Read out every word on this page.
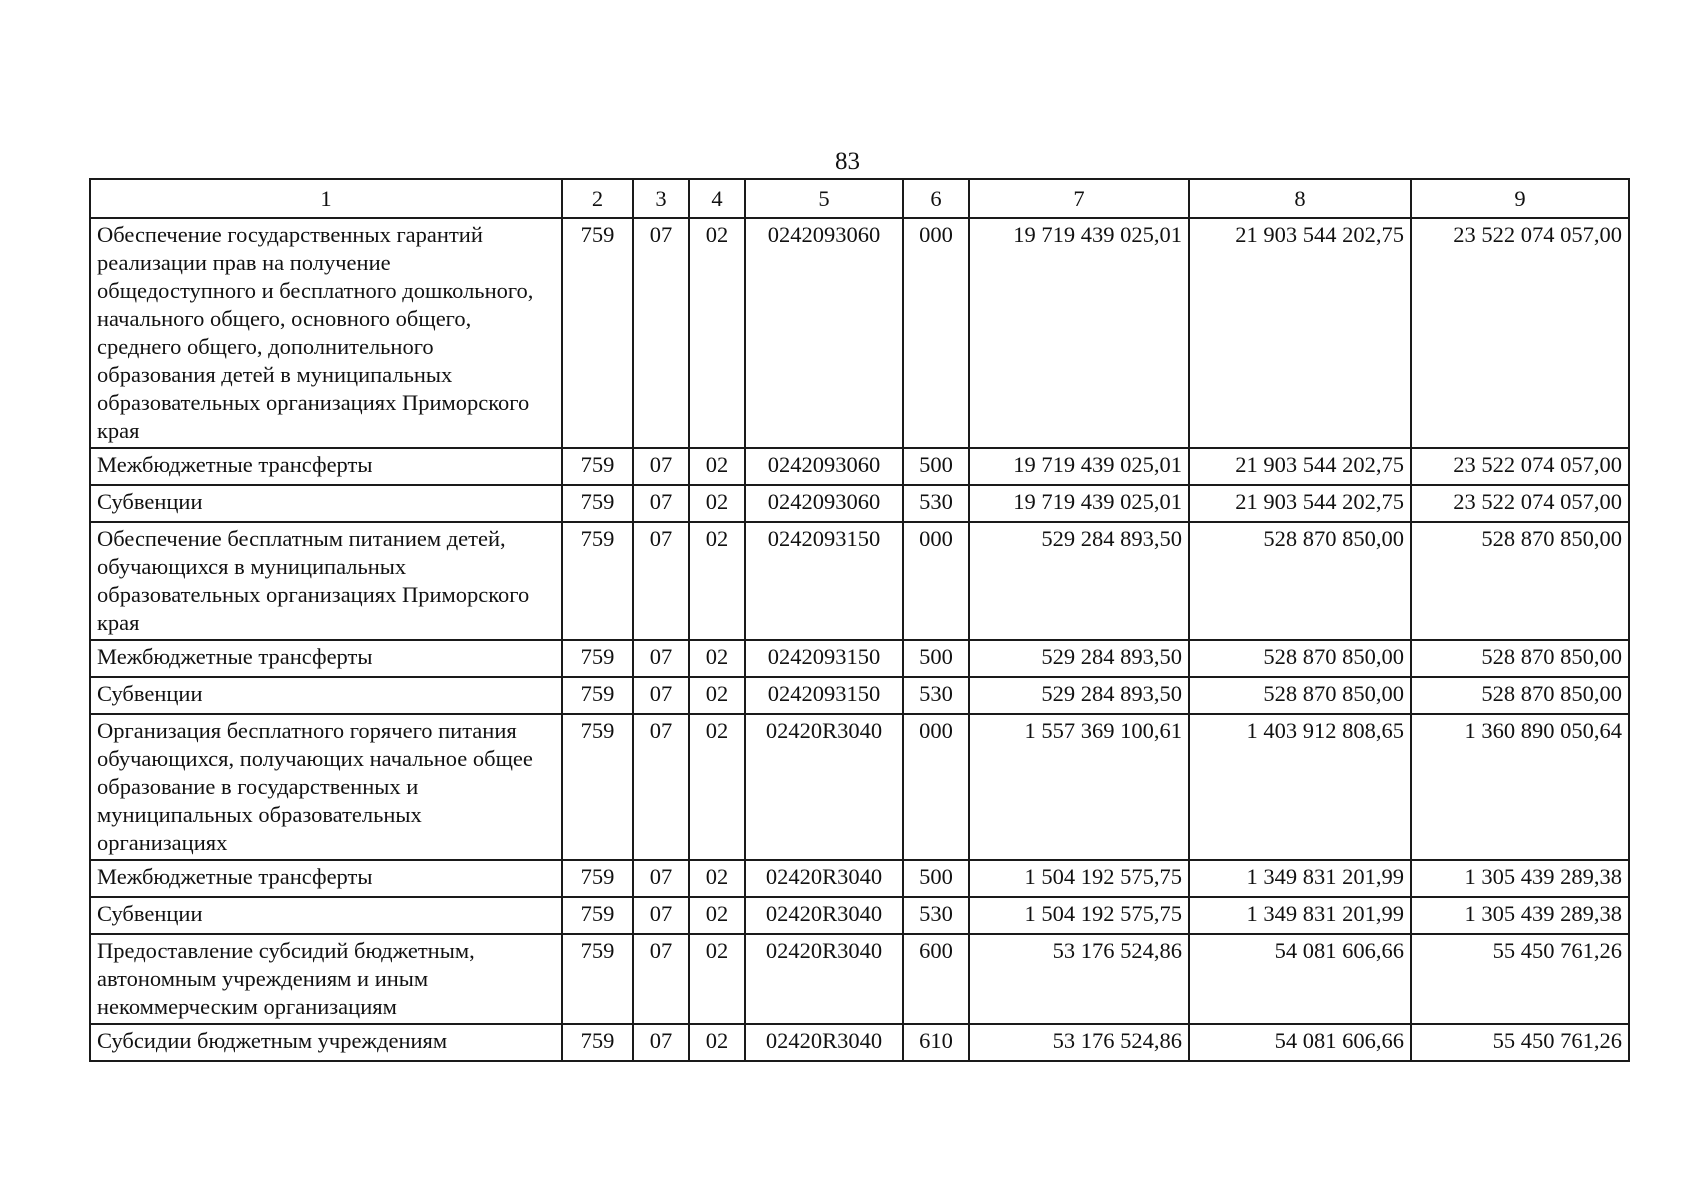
83
1	2	3	4	5	6	7	8	9
Обеспечение государственных гарантий реализации прав на получение общедоступного и бесплатного дошкольного, начального общего, основного общего, среднего общего, дополнительного образования детей в муниципальных образовательных организациях Приморского края	759	07	02	0242093060	000	19 719 439 025,01	21 903 544 202,75	23 522 074 057,00
Межбюджетные трансферты	759	07	02	0242093060	500	19 719 439 025,01	21 903 544 202,75	23 522 074 057,00
Субвенции	759	07	02	0242093060	530	19 719 439 025,01	21 903 544 202,75	23 522 074 057,00
Обеспечение бесплатным питанием детей, обучающихся в муниципальных образовательных организациях Приморского края	759	07	02	0242093150	000	529 284 893,50	528 870 850,00	528 870 850,00
Межбюджетные трансферты	759	07	02	0242093150	500	529 284 893,50	528 870 850,00	528 870 850,00
Субвенции	759	07	02	0242093150	530	529 284 893,50	528 870 850,00	528 870 850,00
Организация бесплатного горячего питания обучающихся, получающих начальное общее образование в государственных и муниципальных образовательных организациях	759	07	02	02420R3040	000	1 557 369 100,61	1 403 912 808,65	1 360 890 050,64
Межбюджетные трансферты	759	07	02	02420R3040	500	1 504 192 575,75	1 349 831 201,99	1 305 439 289,38
Субвенции	759	07	02	02420R3040	530	1 504 192 575,75	1 349 831 201,99	1 305 439 289,38
Предоставление субсидий бюджетным, автономным учреждениям и иным некоммерческим организациям	759	07	02	02420R3040	600	53 176 524,86	54 081 606,66	55 450 761,26
Субсидии бюджетным учреждениям	759	07	02	02420R3040	610	53 176 524,86	54 081 606,66	55 450 761,26
